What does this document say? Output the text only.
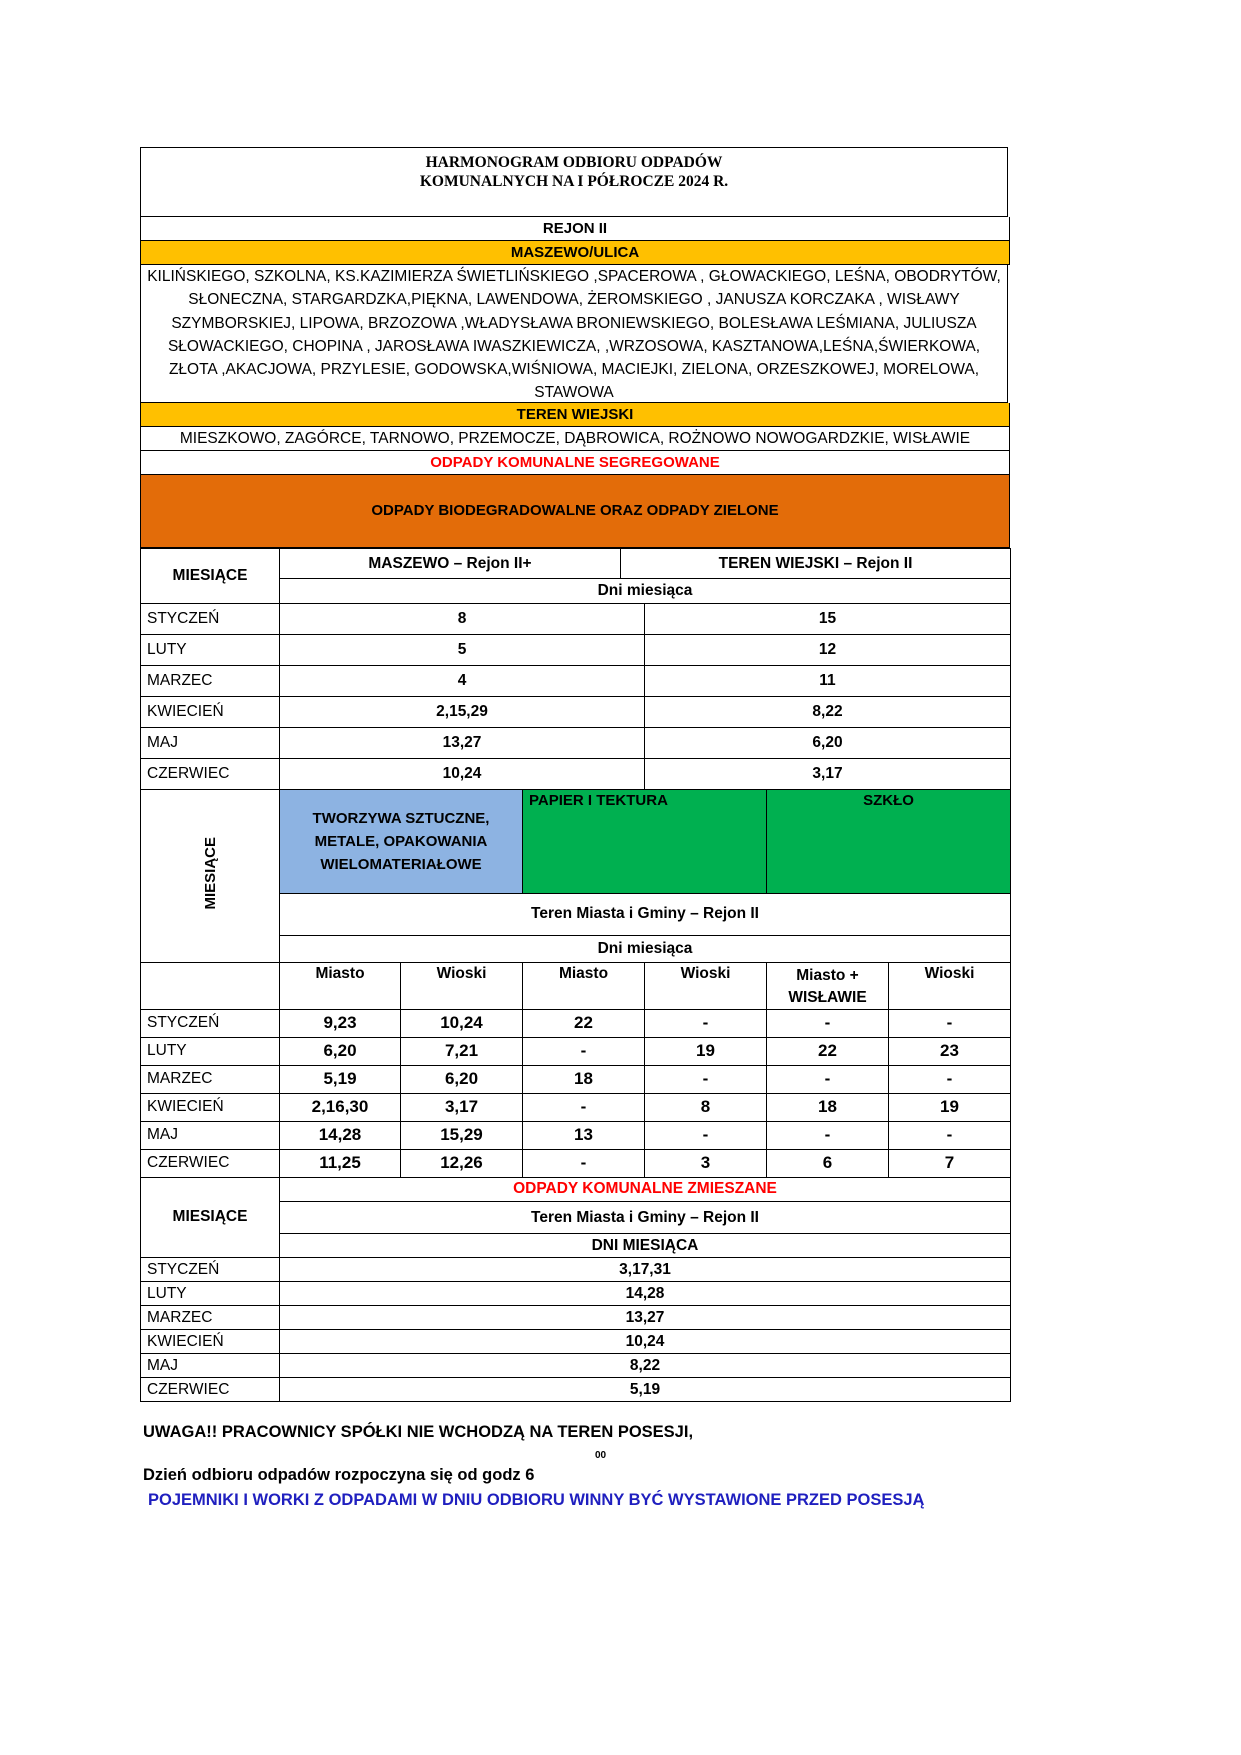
HARMONOGRAM ODBIORU ODPADÓW
KOMUNALNYCH NA I PÓŁROCZE 2024 R.
REJON II
MASZEWO/ULICA
KILIŃSKIEGO, SZKOLNA, KS.KAZIMIERZA ŚWIETLIŃSKIEGO ,SPACEROWA , GŁOWACKIEGO, LEŚNA, OBODRYTÓW, SŁONECZNA, STARGARDZKA,PIĘKNA, LAWENDOWA, ŻEROMSKIEGO , JANUSZA KORCZAKA , WISŁAWY SZYMBORSKIEJ, LIPOWA, BRZOZOWA ,WŁADYSŁAWA BRONIEWSKIEGO, BOLESŁAWA LEŚMIANA, JULIUSZA SŁOWACKIEGO, CHOPINA , JAROSŁAWA IWASZKIEWICZA, ,WRZOSOWA, KASZTANOWA,LEŚNA,ŚWIERKOWA, ZŁOTA ,AKACJOWA, PRZYLESIE, GODOWSKA,WIŚNIOWA, MACIEJKI, ZIELONA, ORZESZKOWEJ, MORELOWA, STAWOWA
TEREN WIEJSKI
MIESZKOWO, ZAGÓRCE, TARNOWO, PRZEMOCZE, DĄBROWICA, ROŻNOWO NOWOGARDZKIE, WISŁAWIE
ODPADY KOMUNALNE SEGREGOWANE
ODPADY BIODEGRADOWALNE ORAZ ODPADY ZIELONE
MIESIĄCE	MASZEWO – Rejon II+ TEREN WIEJSKI – Rejon II	

	Dni miesiąca	
STYCZEŃ	8	15
LUTY	5	12
MARZEC	4	11
KWIECIEŃ	2,15,29	8,22
MAJ	13,27	6,20
CZERWIEC	10,24	3,17
MIESIĄCE	TWORZYWA SZTUCZNE, METALE, OPAKOWANIA WIELOMATERIAŁOWE		PAPIER I TEKTURA		SZKŁO	
	Teren Miasta i Gminy – Rejon II					
	Dni miesiąca					
	Miasto	Wioski	Miasto	Wioski	Miasto + WISŁAWIE	Wioski
STYCZEŃ	9,23	10,24	22	-	-	-
LUTY	6,20	7,21	-	19	22	23
MARZEC	5,19	6,20	18	-	-	-
KWIECIEŃ	2,16,30	3,17	-	8	18	19
MAJ	14,28	15,29	13	-	-	-
CZERWIEC	11,25	12,26	-	3	6	7
MIESIĄCE	ODPADY KOMUNALNE ZMIESZANE
	Teren Miasta i Gminy – Rejon II
	DNI MIESIĄCA
STYCZEŃ	3,17,31
LUTY	14,28
MARZEC	13,27
KWIECIEŃ	10,24
MAJ	8,22
CZERWIEC	5,19
UWAGA!! PRACOWNICY SPÓŁKI NIE WCHODZĄ NA TEREN POSESJI,
00
Dzień odbioru odpadów rozpoczyna się od godz 6
POJEMNIKI I WORKI Z ODPADAMI W DNIU ODBIORU WINNY BYĆ WYSTAWIONE PRZED POSESJĄ
